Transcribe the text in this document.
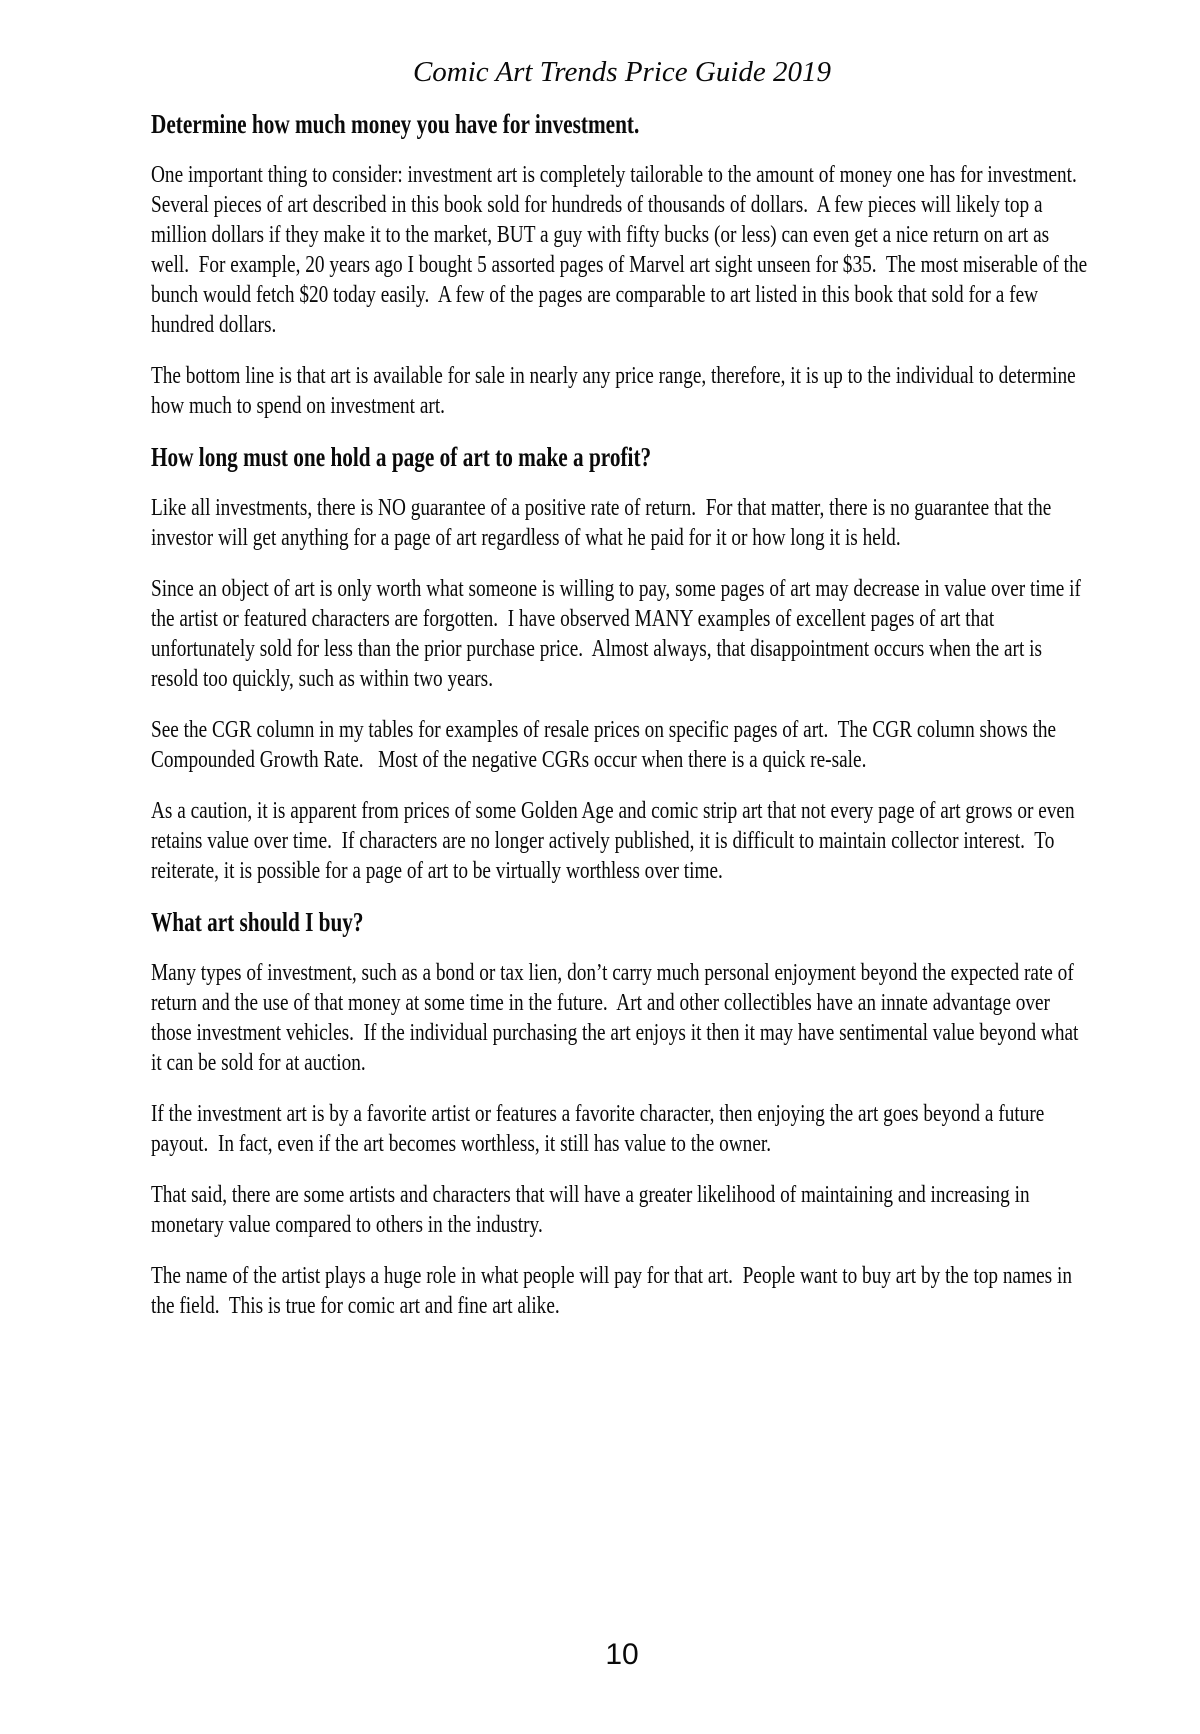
Comic Art Trends Price Guide 2019
Determine how much money you have for investment.

One important thing to consider: investment art is completely tailorable to the amount of money one has for investment.  Several pieces of art described in this book sold for hundreds of thousands of dollars.  A few pieces will likely top a million dollars if they make it to the market, BUT a guy with fifty bucks (or less) can even get a nice return on art as well.  For example, 20 years ago I bought 5 assorted pages of Marvel art sight unseen for $35.  The most miserable of the bunch would fetch $20 today easily.  A few of the pages are comparable to art listed in this book that sold for a few hundred dollars.

The bottom line is that art is available for sale in nearly any price range, therefore, it is up to the individual to determine how much to spend on investment art.

How long must one hold a page of art to make a profit?

Like all investments, there is NO guarantee of a positive rate of return.  For that matter, there is no guarantee that the investor will get anything for a page of art regardless of what he paid for it or how long it is held.

Since an object of art is only worth what someone is willing to pay, some pages of art may decrease in value over time if the artist or featured characters are forgotten.  I have observed MANY examples of excellent pages of art that unfortunately sold for less than the prior purchase price.  Almost always, that disappointment occurs when the art is resold too quickly, such as within two years.

See the CGR column in my tables for examples of resale prices on specific pages of art.  The CGR column shows the Compounded Growth Rate.   Most of the negative CGRs occur when there is a quick re-sale.

As a caution, it is apparent from prices of some Golden Age and comic strip art that not every page of art grows or even retains value over time.  If characters are no longer actively published, it is difficult to maintain collector interest.  To reiterate, it is possible for a page of art to be virtually worthless over time.

What art should I buy?

Many types of investment, such as a bond or tax lien, don’t carry much personal enjoyment beyond the expected rate of return and the use of that money at some time in the future.  Art and other collectibles have an innate advantage over those investment vehicles.  If the individual purchasing the art enjoys it then it may have sentimental value beyond what it can be sold for at auction.

If the investment art is by a favorite artist or features a favorite character, then enjoying the art goes beyond a future payout.  In fact, even if the art becomes worthless, it still has value to the owner.

That said, there are some artists and characters that will have a greater likelihood of maintaining and increasing in monetary value compared to others in the industry.

The name of the artist plays a huge role in what people will pay for that art.  People want to buy art by the top names in the field.  This is true for comic art and fine art alike.

10
